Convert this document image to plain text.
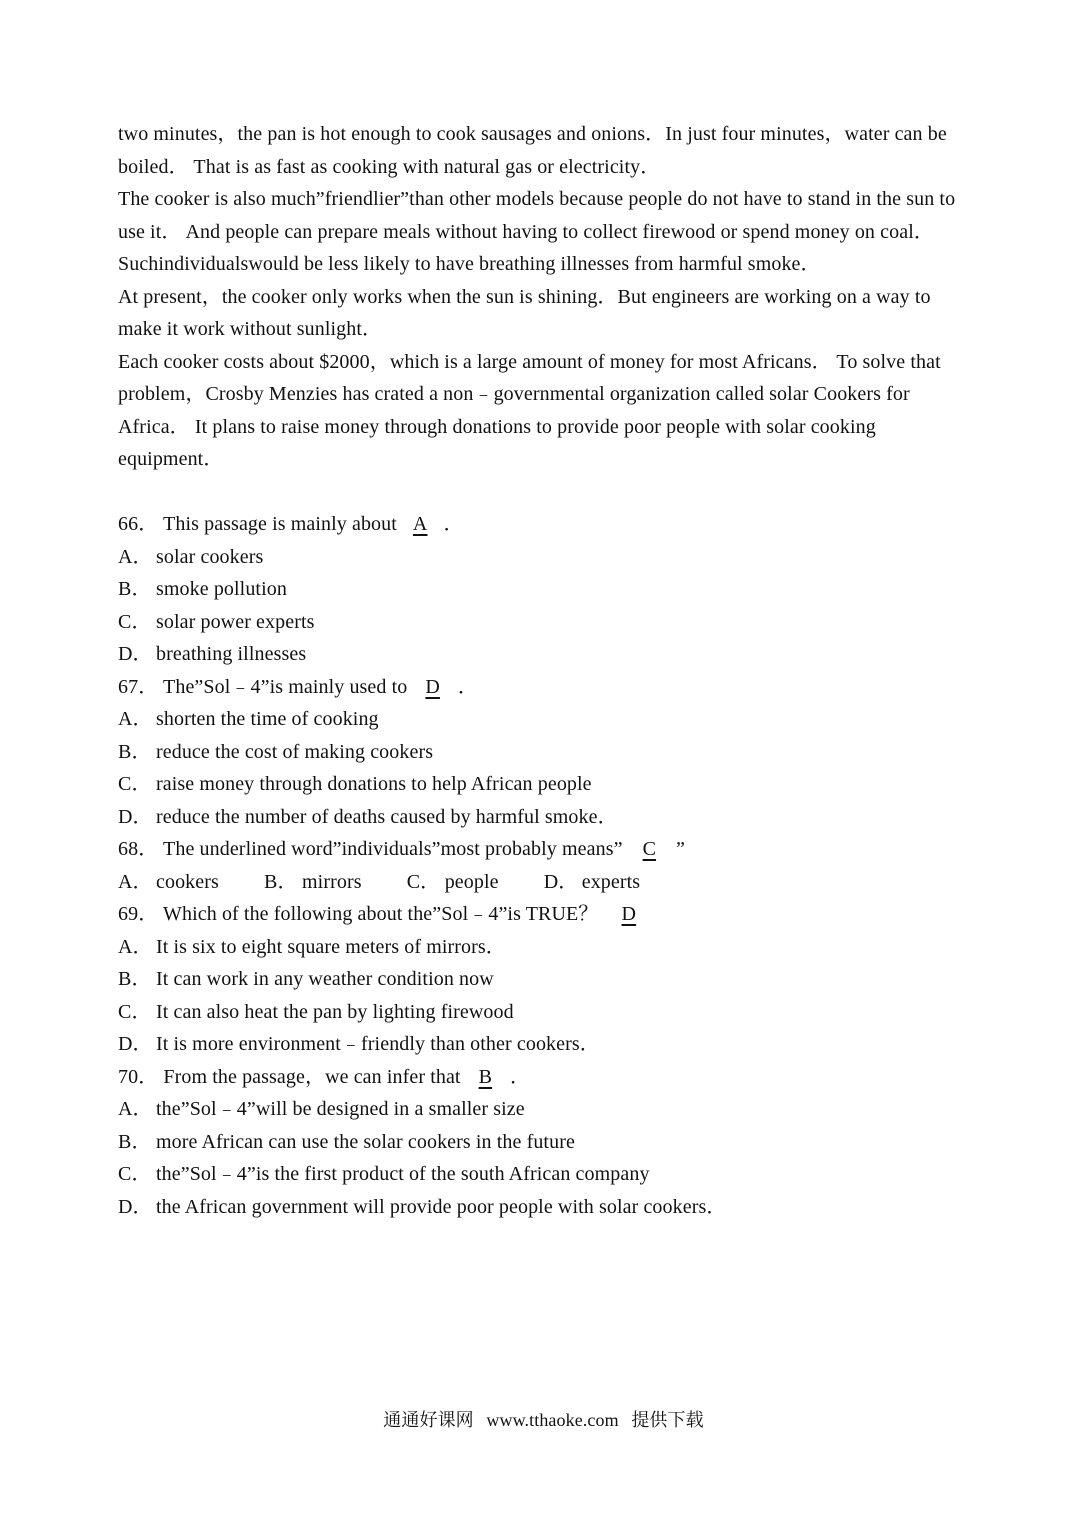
two minutes，the pan is hot enough to cook sausages and onions．In just four minutes，water can be boiled． That is as fast as cooking with natural gas or electricity．

The cooker is also much”friendlier”than other models because people do not have to stand in the sun to use it． And people can prepare meals without having to collect firewood or spend money on coal． Suchindividualswould be less likely to have breathing illnesses from harmful smoke．

At present，the cooker only works when the sun is shining．But engineers are working on a way to make it work without sunlight．

Each cooker costs about $2000，which is a large amount of money for most Africans． To solve that problem，Crosby Menzies has crated a non﹣governmental organization called solar Cookers for Africa． It plans to raise money through donations to provide poor people with solar cooking equipment．

66． This passage is mainly about A ．
A． solar cookers
B． smoke pollution
C． solar power experts
D． breathing illnesses
67． The”Sol﹣4”is mainly used to D ．
A． shorten the time of cooking
B． reduce the cost of making cookers
C． raise money through donations to help African people
D． reduce the number of deaths caused by harmful smoke．
68． The underlined word”individuals”most probably means” C ”
A． cookers B． mirrors C． people D． experts
69． Which of the following about the”Sol﹣4”is TRUE？ D
A． It is six to eight square meters of mirrors．
B． It can work in any weather condition now
C． It can also heat the pan by lighting firewood
D． It is more environment﹣friendly than other cookers．
70． From the passage，we can infer that B ．
A． the”Sol﹣4”will be designed in a smaller size
B． more African can use the solar cookers in the future
C． the”Sol﹣4”is the first product of the south African company
D． the African government will provide poor people with solar cookers．
通通好课网 www.tthaoke.com 提供下载
